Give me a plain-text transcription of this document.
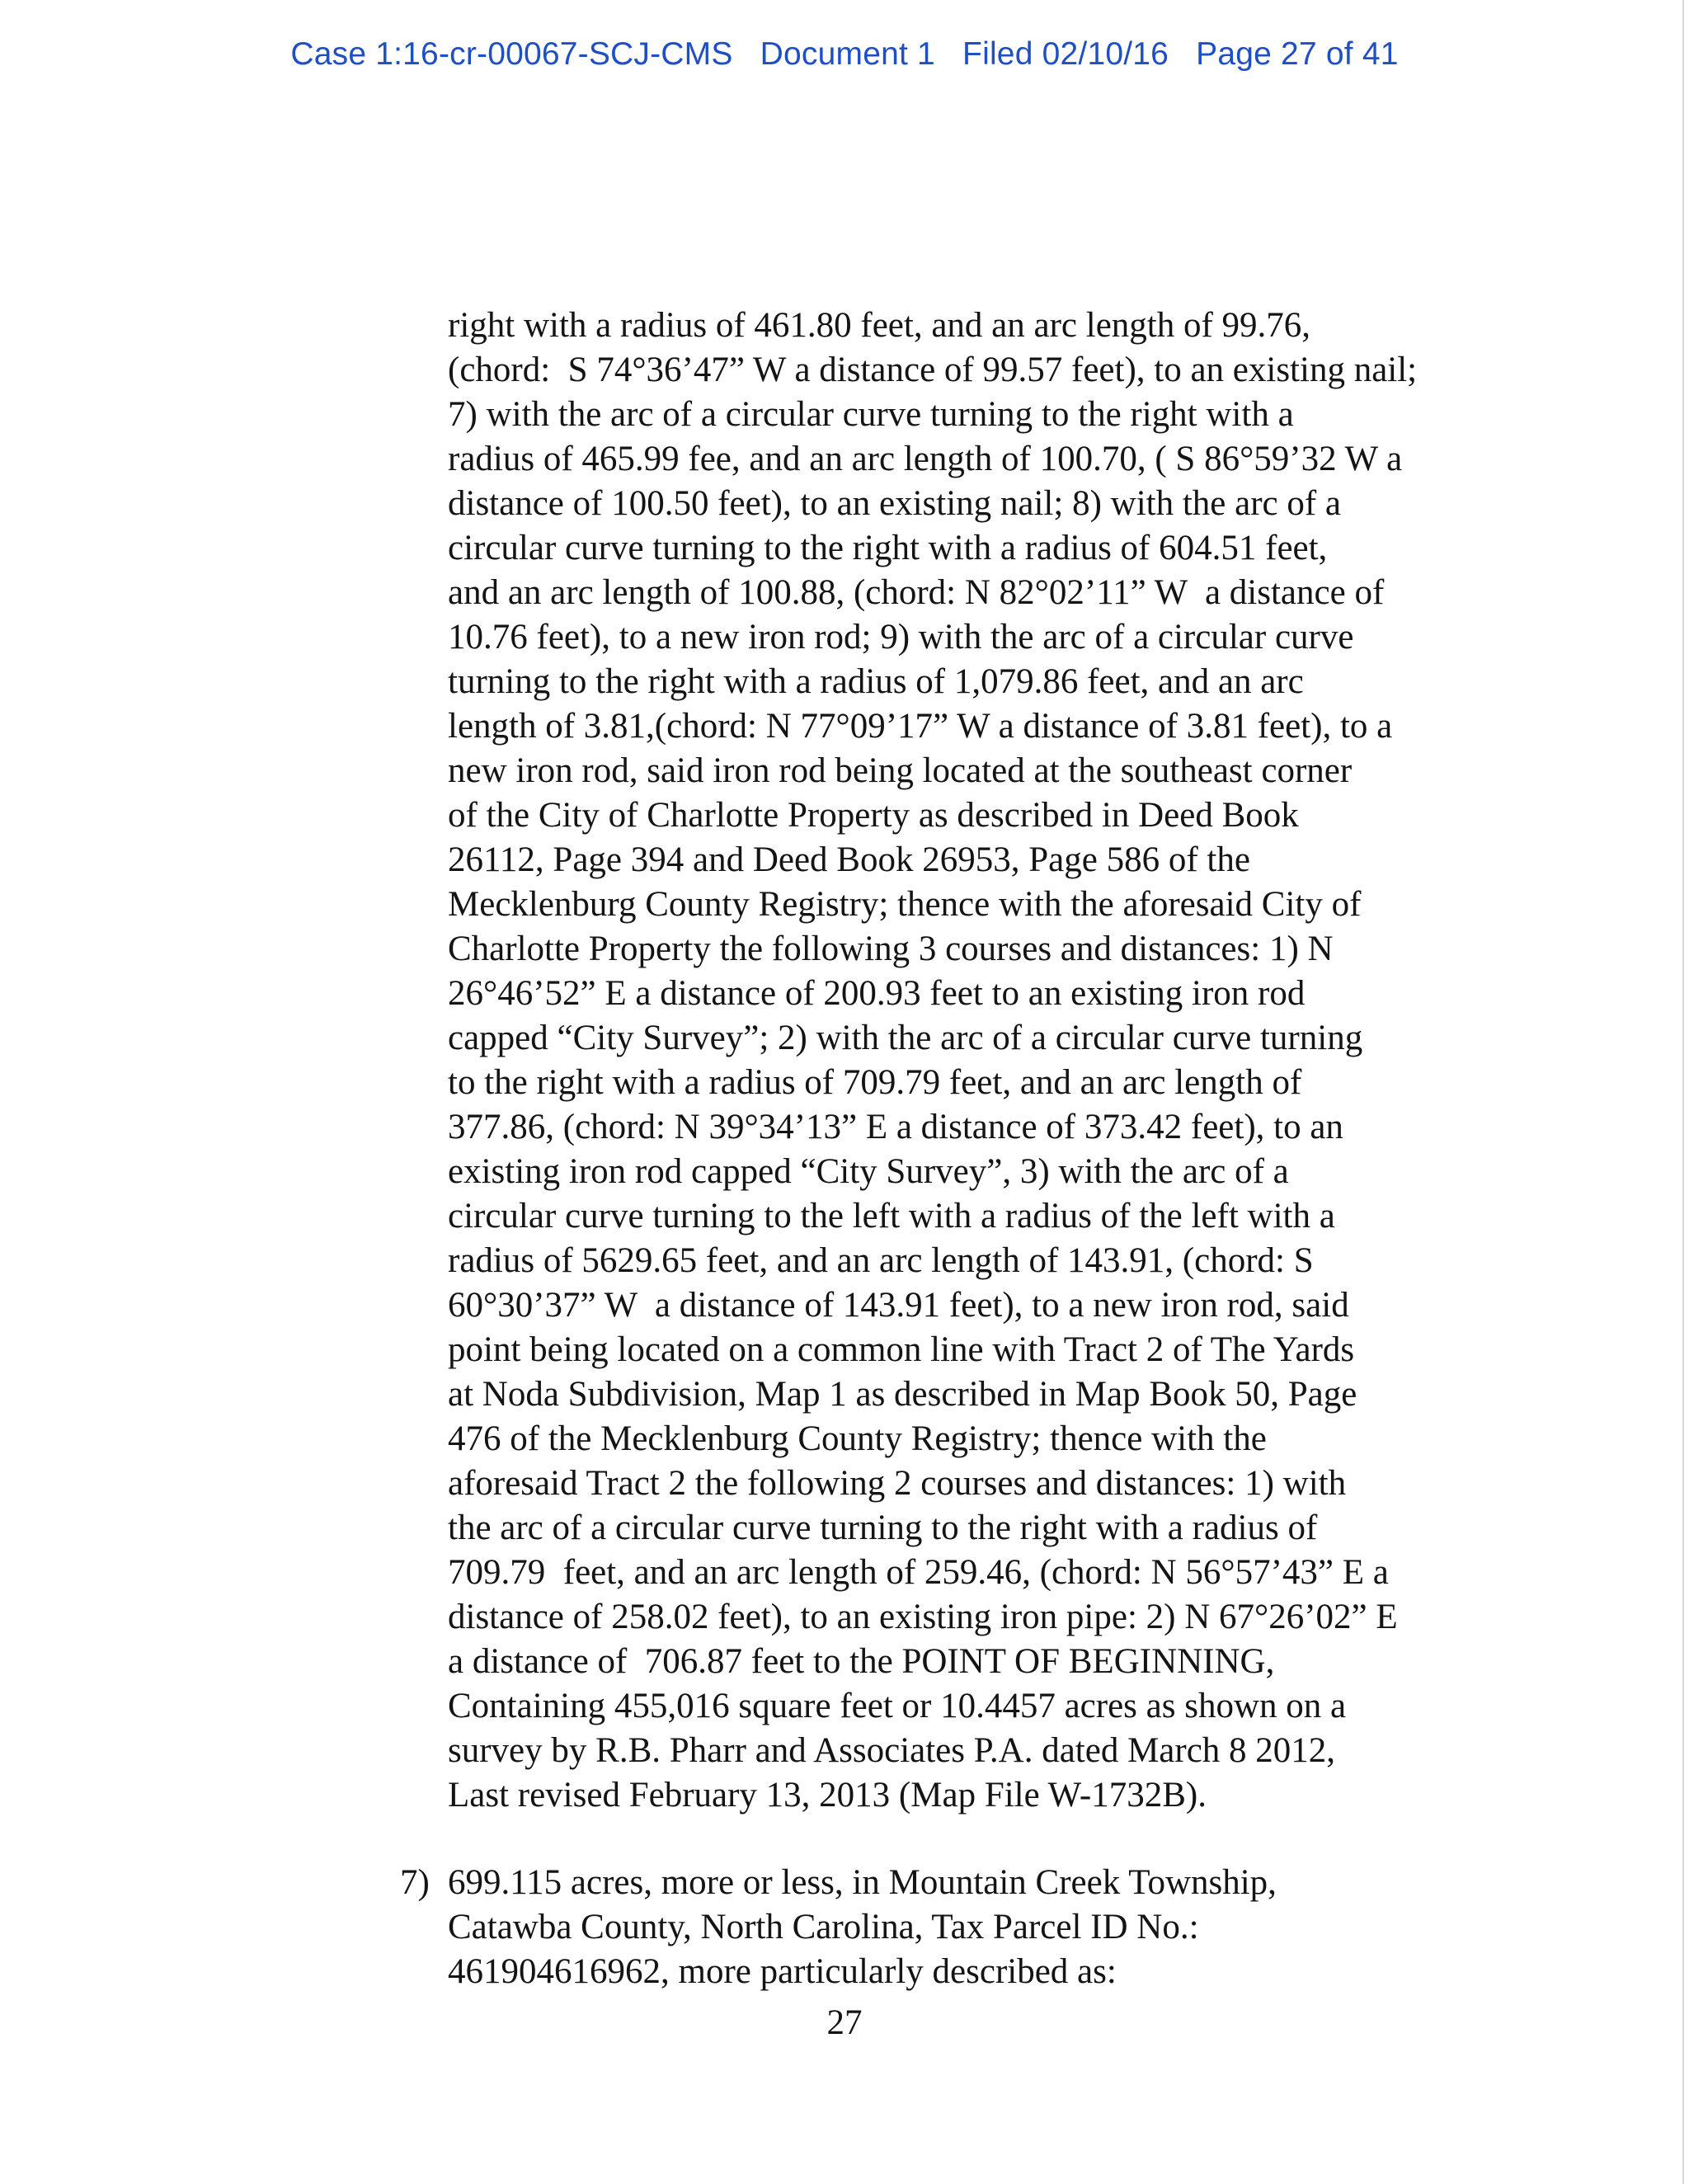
Case 1:16-cr-00067-SCJ-CMS   Document 1   Filed 02/10/16   Page 27 of 41
right with a radius of 461.80 feet, and an arc length of 99.76,
(chord:  S 74°36’47” W a distance of 99.57 feet), to an existing nail;
7) with the arc of a circular curve turning to the right with a
radius of 465.99 fee, and an arc length of 100.70, ( S 86°59’32 W a
distance of 100.50 feet), to an existing nail; 8) with the arc of a
circular curve turning to the right with a radius of 604.51 feet,
and an arc length of 100.88, (chord: N 82°02’11” W  a distance of
10.76 feet), to a new iron rod; 9) with the arc of a circular curve
turning to the right with a radius of 1,079.86 feet, and an arc
length of 3.81,(chord: N 77°09’17” W a distance of 3.81 feet), to a
new iron rod, said iron rod being located at the southeast corner
of the City of Charlotte Property as described in Deed Book
26112, Page 394 and Deed Book 26953, Page 586 of the
Mecklenburg County Registry; thence with the aforesaid City of
Charlotte Property the following 3 courses and distances: 1) N
26°46’52” E a distance of 200.93 feet to an existing iron rod
capped “City Survey”; 2) with the arc of a circular curve turning
to the right with a radius of 709.79 feet, and an arc length of
377.86, (chord: N 39°34’13” E a distance of 373.42 feet), to an
existing iron rod capped “City Survey”, 3) with the arc of a
circular curve turning to the left with a radius of the left with a
radius of 5629.65 feet, and an arc length of 143.91, (chord: S
60°30’37” W  a distance of 143.91 feet), to a new iron rod, said
point being located on a common line with Tract 2 of The Yards
at Noda Subdivision, Map 1 as described in Map Book 50, Page
476 of the Mecklenburg County Registry; thence with the
aforesaid Tract 2 the following 2 courses and distances: 1) with
the arc of a circular curve turning to the right with a radius of
709.79  feet, and an arc length of 259.46, (chord: N 56°57’43” E a
distance of 258.02 feet), to an existing iron pipe: 2) N 67°26’02” E
a distance of  706.87 feet to the POINT OF BEGINNING,
Containing 455,016 square feet or 10.4457 acres as shown on a
survey by R.B. Pharr and Associates P.A. dated March 8 2012,
Last revised February 13, 2013 (Map File W-1732B).
7) 699.115 acres, more or less, in Mountain Creek Township,
Catawba County, North Carolina, Tax Parcel ID No.:
461904616962, more particularly described as:
27
